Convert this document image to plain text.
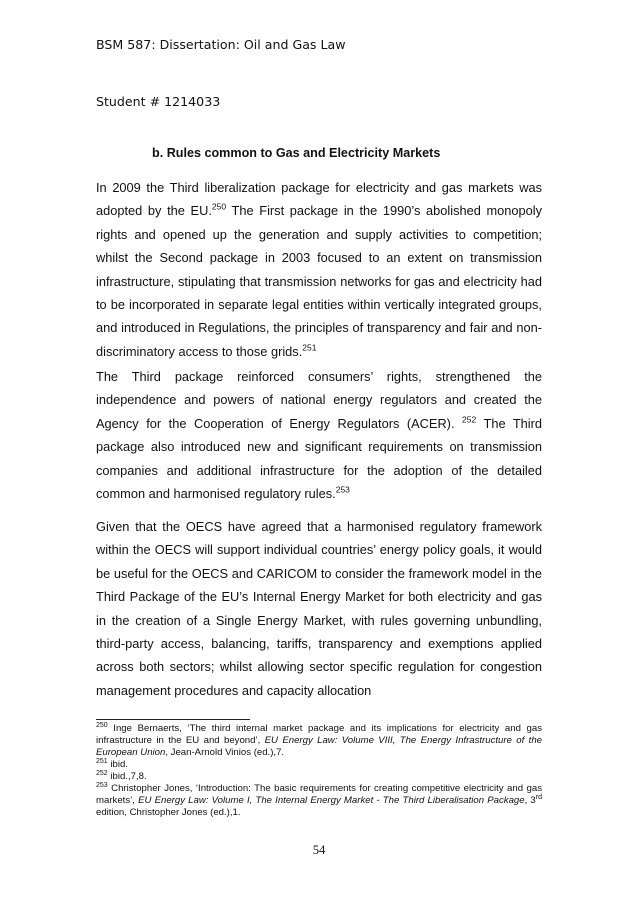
BSM 587: Dissertation: Oil and Gas Law
Student # 1214033
b. Rules common to Gas and Electricity Markets

In 2009 the Third liberalization package for electricity and gas markets was adopted by the EU.$^{250}$ The First package in the 1990’s abolished monopoly rights and opened up the generation and supply activities to competition; whilst the Second package in 2003 focused to an extent on transmission infrastructure, stipulating that transmission networks for gas and electricity had to be incorporated in separate legal entities within vertically integrated groups, and introduced in Regulations, the principles of transparency and fair and non-discriminatory access to those grids.$^{251}$

The Third package reinforced consumers’ rights, strengthened the independence and powers of national energy regulators and created the Agency for the Cooperation of Energy Regulators (ACER). $^{252}$ The Third package also introduced new and significant requirements on transmission companies and additional infrastructure for the adoption of the detailed common and harmonised regulatory rules.$^{253}$

Given that the OECS have agreed that a harmonised regulatory framework within the OECS will support individual countries’ energy policy goals, it would be useful for the OECS and CARICOM to consider the framework model in the Third Package of the EU’s Internal Energy Market for both electricity and gas in the creation of a Single Energy Market, with rules governing unbundling, third-party access, balancing, tariffs, transparency and exemptions applied across both sectors; whilst allowing sector specific regulation for congestion management procedures and capacity allocation

$^{250}$ Inge Bernaerts, ‘The third internal market package and its implications for electricity and gas infrastructure in the EU and beyond’, EU Energy Law: Volume VIII, The Energy Infrastructure of the European Union, Jean-Arnold Vinios (ed.),7.

$^{251}$ ibid.

$^{252}$ ibid.,7,8.

$^{253}$ Christopher Jones, ‘Introduction: The basic requirements for creating competitive electricity and gas markets’, EU Energy Law: Volume I, The Internal Energy Market - The Third Liberalisation Package, 3rd edition, Christopher Jones (ed.),1.

54
